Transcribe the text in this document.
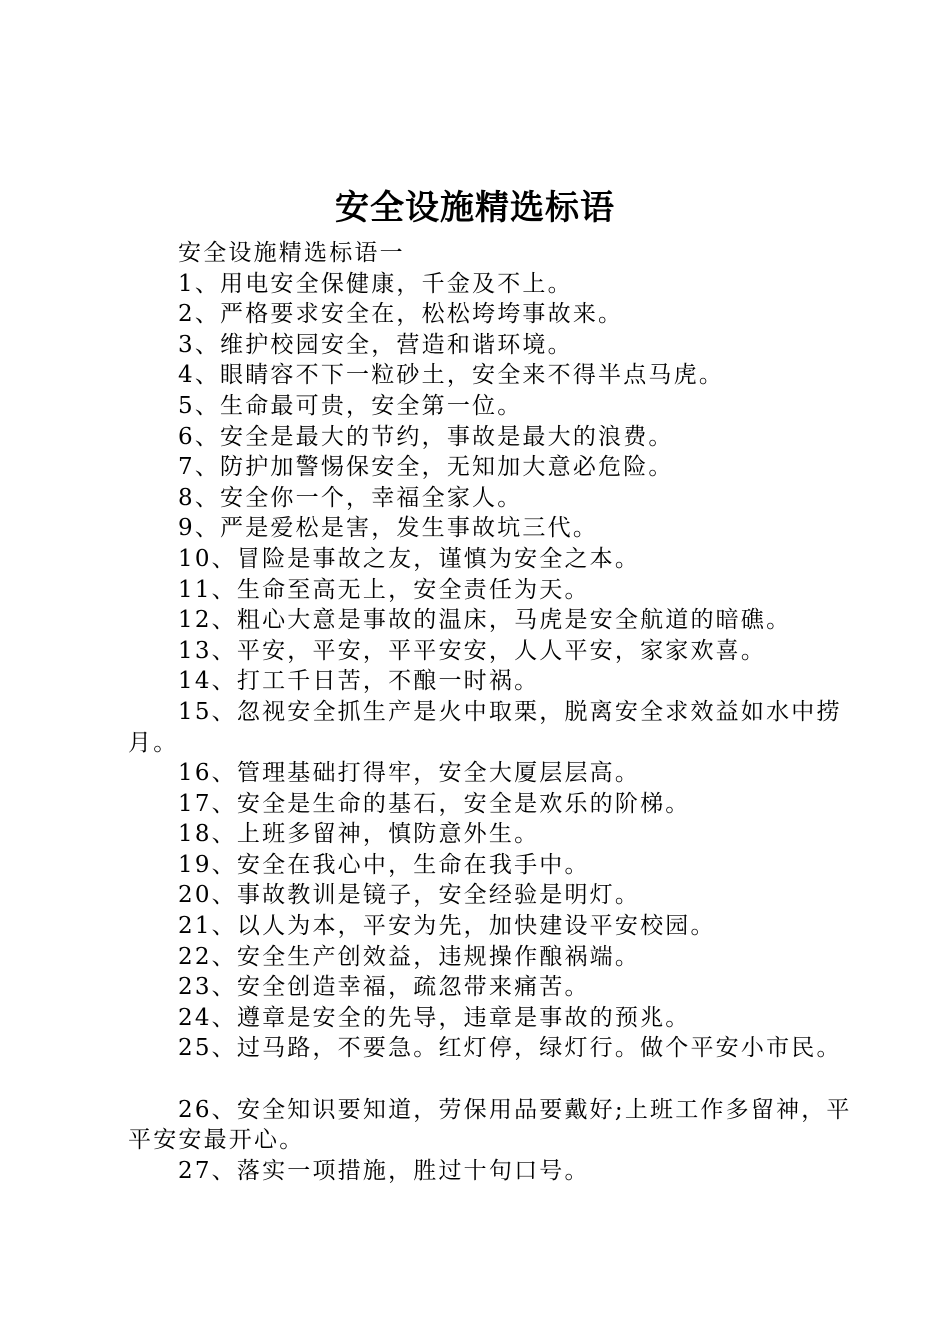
安全设施精选标语

安全设施精选标语一

1、用电安全保健康，千金及不上。

2、严格要求安全在，松松垮垮事故来。

3、维护校园安全，营造和谐环境。

4、眼睛容不下一粒砂土，安全来不得半点马虎。

5、生命最可贵，安全第一位。

6、安全是最大的节约，事故是最大的浪费。

7、防护加警惕保安全，无知加大意必危险。

8、安全你一个，幸福全家人。

9、严是爱松是害，发生事故坑三代。

10、冒险是事故之友，谨慎为安全之本。

11、生命至高无上，安全责任为天。

12、粗心大意是事故的温床，马虎是安全航道的暗礁。

13、平安，平安，平平安安，人人平安，家家欢喜。

14、打工千日苦，不酿一时祸。

15、忽视安全抓生产是火中取栗，脱离安全求效益如水中捞月。

16、管理基础打得牢，安全大厦层层高。

17、安全是生命的基石，安全是欢乐的阶梯。

18、上班多留神，慎防意外生。

19、安全在我心中，生命在我手中。

20、事故教训是镜子，安全经验是明灯。

21、以人为本，平安为先，加快建设平安校园。

22、安全生产创效益，违规操作酿祸端。

23、安全创造幸福，疏忽带来痛苦。

24、遵章是安全的先导，违章是事故的预兆。

25、过马路，不要急。红灯停，绿灯行。做个平安小市民。

26、安全知识要知道，劳保用品要戴好;上班工作多留神，平平安安最开心。

27、落实一项措施，胜过十句口号。
